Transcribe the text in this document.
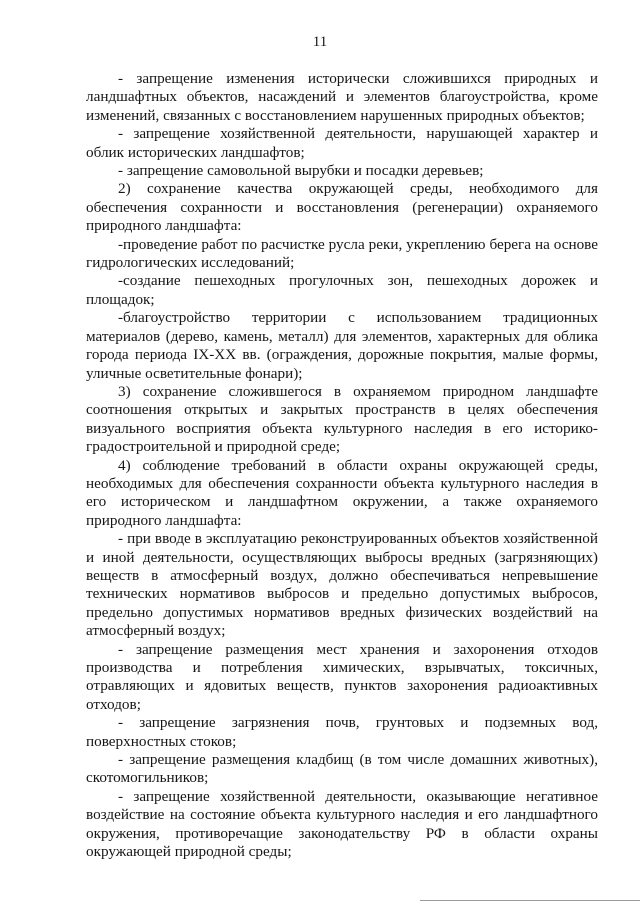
11

- запрещение изменения исторически сложившихся природных и ландшафтных объектов, насаждений и элементов благоустройства, кроме изменений, связанных с восстановлением нарушенных природных объектов;

- запрещение хозяйственной деятельности, нарушающей характер и облик исторических ландшафтов;

- запрещение самовольной вырубки и посадки деревьев;

2) сохранение качества окружающей среды, необходимого для обеспечения сохранности и восстановления (регенерации) охраняемого природного ландшафта:

-проведение работ по расчистке русла реки, укреплению берега на основе гидрологических исследований;

-создание пешеходных прогулочных зон, пешеходных дорожек и площадок;

-благоустройство территории с использованием традиционных материалов (дерево, камень, металл) для элементов, характерных для облика города периода IX-XX вв. (ограждения, дорожные покрытия, малые формы, уличные осветительные фонари);

3) сохранение сложившегося в охраняемом природном ландшафте соотношения открытых и закрытых пространств в целях обеспечения визуального восприятия объекта культурного наследия в его историко-градостроительной и природной среде;

4) соблюдение требований в области охраны окружающей среды, необходимых для обеспечения сохранности объекта культурного наследия в его историческом и ландшафтном окружении, а также охраняемого природного ландшафта:

- при вводе в эксплуатацию реконструированных объектов хозяйственной и иной деятельности, осуществляющих выбросы вредных (загрязняющих) веществ в атмосферный воздух, должно обеспечиваться непревышение технических нормативов выбросов и предельно допустимых выбросов, предельно допустимых нормативов вредных физических воздействий на атмосферный воздух;

- запрещение размещения мест хранения и захоронения отходов производства и потребления химических, взрывчатых, токсичных, отравляющих и ядовитых веществ, пунктов захоронения радиоактивных отходов;

- запрещение загрязнения почв, грунтовых и подземных вод, поверхностных стоков;

- запрещение размещения кладбищ (в том числе домашних животных), скотомогильников;

- запрещение хозяйственной деятельности, оказывающие негативное воздействие на состояние объекта культурного наследия и его ландшафтного окружения, противоречащие законодательству РФ в области охраны окружающей природной среды;
